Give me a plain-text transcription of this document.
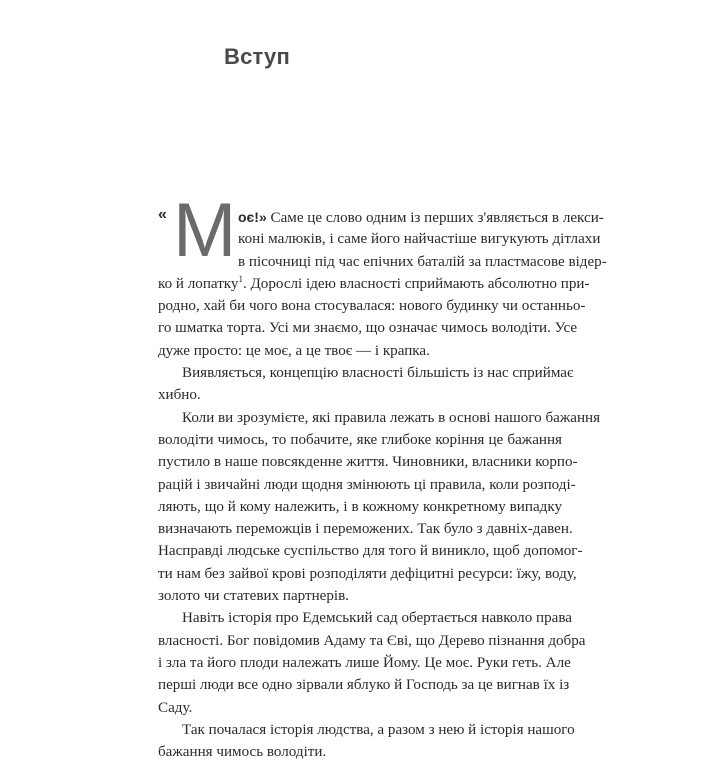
Вступ
« М оє!» Саме це слово одним із перших з'являється в лекси-
коні малюків, і саме його найчастіше вигукують дітлахи
в пісочниці під час епічних баталій за пластмасове відер-
ко й лопатку$^1$. Дорослі ідею власності сприймають абсолютно при-
родно, хай би чого вона стосувалася: нового будинку чи останньо-
го шматка торта. Усі ми знаємо, що означає чимось володіти. Усе
дуже просто: це моє, а це твоє — і крапка.
Виявляється, концепцію власності більшість із нас сприймає
хибно.
Коли ви зрозумієте, які правила лежать в основі нашого бажання
володіти чимось, то побачите, яке глибоке коріння це бажання
пустило в наше повсякденне життя. Чиновники, власники корпо-
рацій і звичайні люди щодня змінюють ці правила, коли розподі-
ляють, що й кому належить, і в кожному конкретному випадку
визначають переможців і переможених. Так було з давніх-давен.
Насправді людське суспільство для того й виникло, щоб допомог-
ти нам без зайвої крові розподіляти дефіцитні ресурси: їжу, воду,
золото чи статевих партнерів.
Навіть історія про Едемський сад обертається навколо права
власності. Бог повідомив Адаму та Єві, що Дерево пізнання добра
і зла та його плоди належать лише Йому. Це моє. Руки геть. Але
перші люди все одно зірвали яблуко й Господь за це вигнав їх із
Саду.
Так почалася історія людства, а разом з нею й історія нашого
бажання чимось володіти.
